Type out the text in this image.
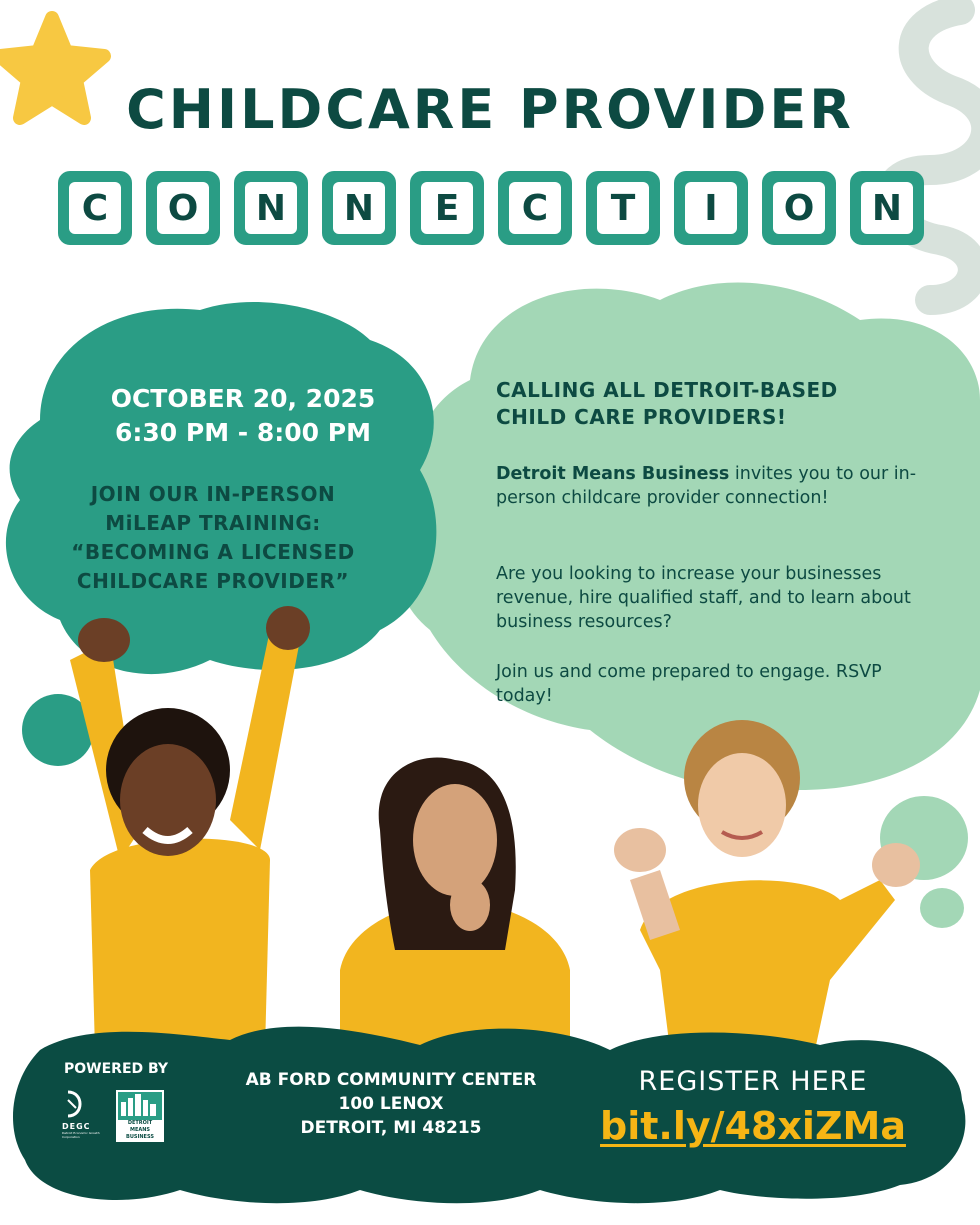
CHILDCARE PROVIDER
C	O	N	N	E	C	T	I	O	N
OCTOBER 20, 2025
6:30 PM - 8:00 PM
JOIN OUR IN-PERSON
MiLEAP TRAINING:
“BECOMING A LICENSED
CHILDCARE PROVIDER”
CALLING ALL DETROIT-BASED
CHILD CARE PROVIDERS!
Detroit Means Business invites you to our in-person childcare provider connection!
Are you looking to increase your businesses revenue, hire qualified staff, and to learn about business resources?
Join us and come prepared to engage. RSVP today!
POWERED BY
DEGC
Detroit Economic Growth Corporation
DETROIT MEANS
BUSINESS
AB FORD COMMUNITY CENTER
100 LENOX
DETROIT, MI 48215
REGISTER HERE
bit.ly/48xiZMa
